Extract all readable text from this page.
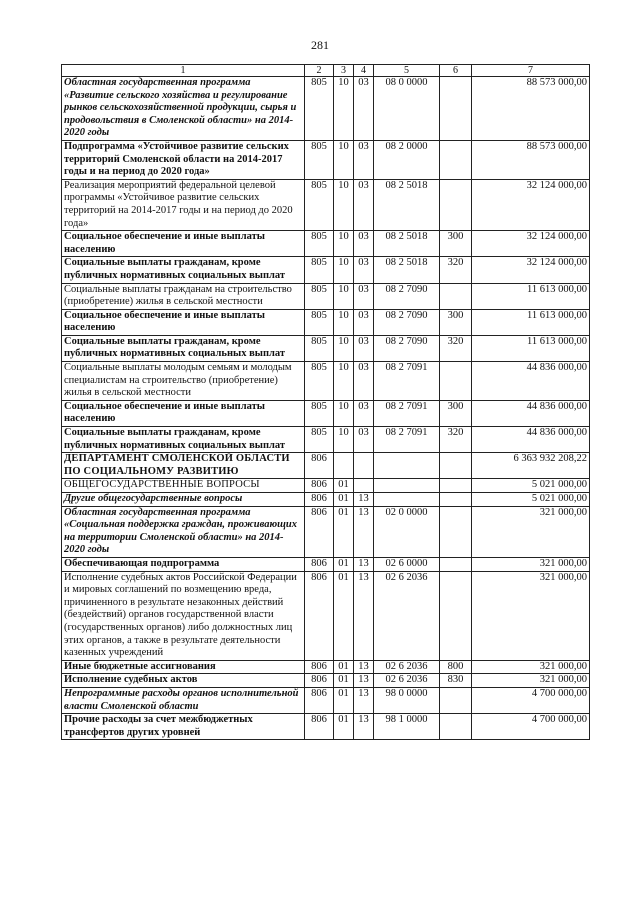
281
1	2	3	4	5	6	7
Областная государственная программа «Развитие сельского хозяйства и регулирование рынков сельскохозяйственной продукции, сырья и продовольствия в Смоленской области» на 2014-2020 годы	805	10	03	08 0 0000		88 573 000,00
Подпрограмма «Устойчивое развитие сельских территорий Смоленской области на 2014-2017 годы и на период до 2020 года»	805	10	03	08 2 0000		88 573 000,00
Реализация мероприятий федеральной целевой программы «Устойчивое развитие сельских территорий на 2014-2017 годы и на период до 2020 года»	805	10	03	08 2 5018		32 124 000,00
Социальное обеспечение и иные выплаты населению	805	10	03	08 2 5018	300	32 124 000,00
Социальные выплаты гражданам, кроме публичных нормативных социальных выплат	805	10	03	08 2 5018	320	32 124 000,00
Социальные выплаты гражданам на строительство (приобретение) жилья в сельской местности	805	10	03	08 2 7090		11 613 000,00
Социальное обеспечение и иные выплаты населению	805	10	03	08 2 7090	300	11 613 000,00
Социальные выплаты гражданам, кроме публичных нормативных социальных выплат	805	10	03	08 2 7090	320	11 613 000,00
Социальные выплаты молодым семьям и молодым специалистам на строительство (приобретение) жилья в сельской местности	805	10	03	08 2 7091		44 836 000,00
Социальное обеспечение и иные выплаты населению	805	10	03	08 2 7091	300	44 836 000,00
Социальные выплаты гражданам, кроме публичных нормативных социальных выплат	805	10	03	08 2 7091	320	44 836 000,00
ДЕПАРТАМЕНТ СМОЛЕНСКОЙ ОБЛАСТИ ПО СОЦИАЛЬНОМУ РАЗВИТИЮ	806					6 363 932 208,22
ОБЩЕГОСУДАРСТВЕННЫЕ ВОПРОСЫ	806	01				5 021 000,00
Другие общегосударственные вопросы	806	01	13			5 021 000,00
Областная государственная программа «Социальная поддержка граждан, проживающих на территории Смоленской области» на 2014-2020 годы	806	01	13	02 0 0000		321 000,00
Обеспечивающая подпрограмма	806	01	13	02 6 0000		321 000,00
Исполнение судебных актов Российской Федерации и мировых соглашений по возмещению вреда, причиненного в результате незаконных действий (бездействий) органов государственной власти (государственных органов) либо должностных лиц этих органов, а также в результате деятельности казенных учреждений	806	01	13	02 6 2036		321 000,00
Иные бюджетные ассигнования	806	01	13	02 6 2036	800	321 000,00
Исполнение судебных актов	806	01	13	02 6 2036	830	321 000,00
Непрограммные расходы органов исполнительной власти Смоленской области	806	01	13	98 0 0000		4 700 000,00
Прочие расходы за счет межбюджетных трансфертов других уровней	806	01	13	98 1 0000		4 700 000,00
